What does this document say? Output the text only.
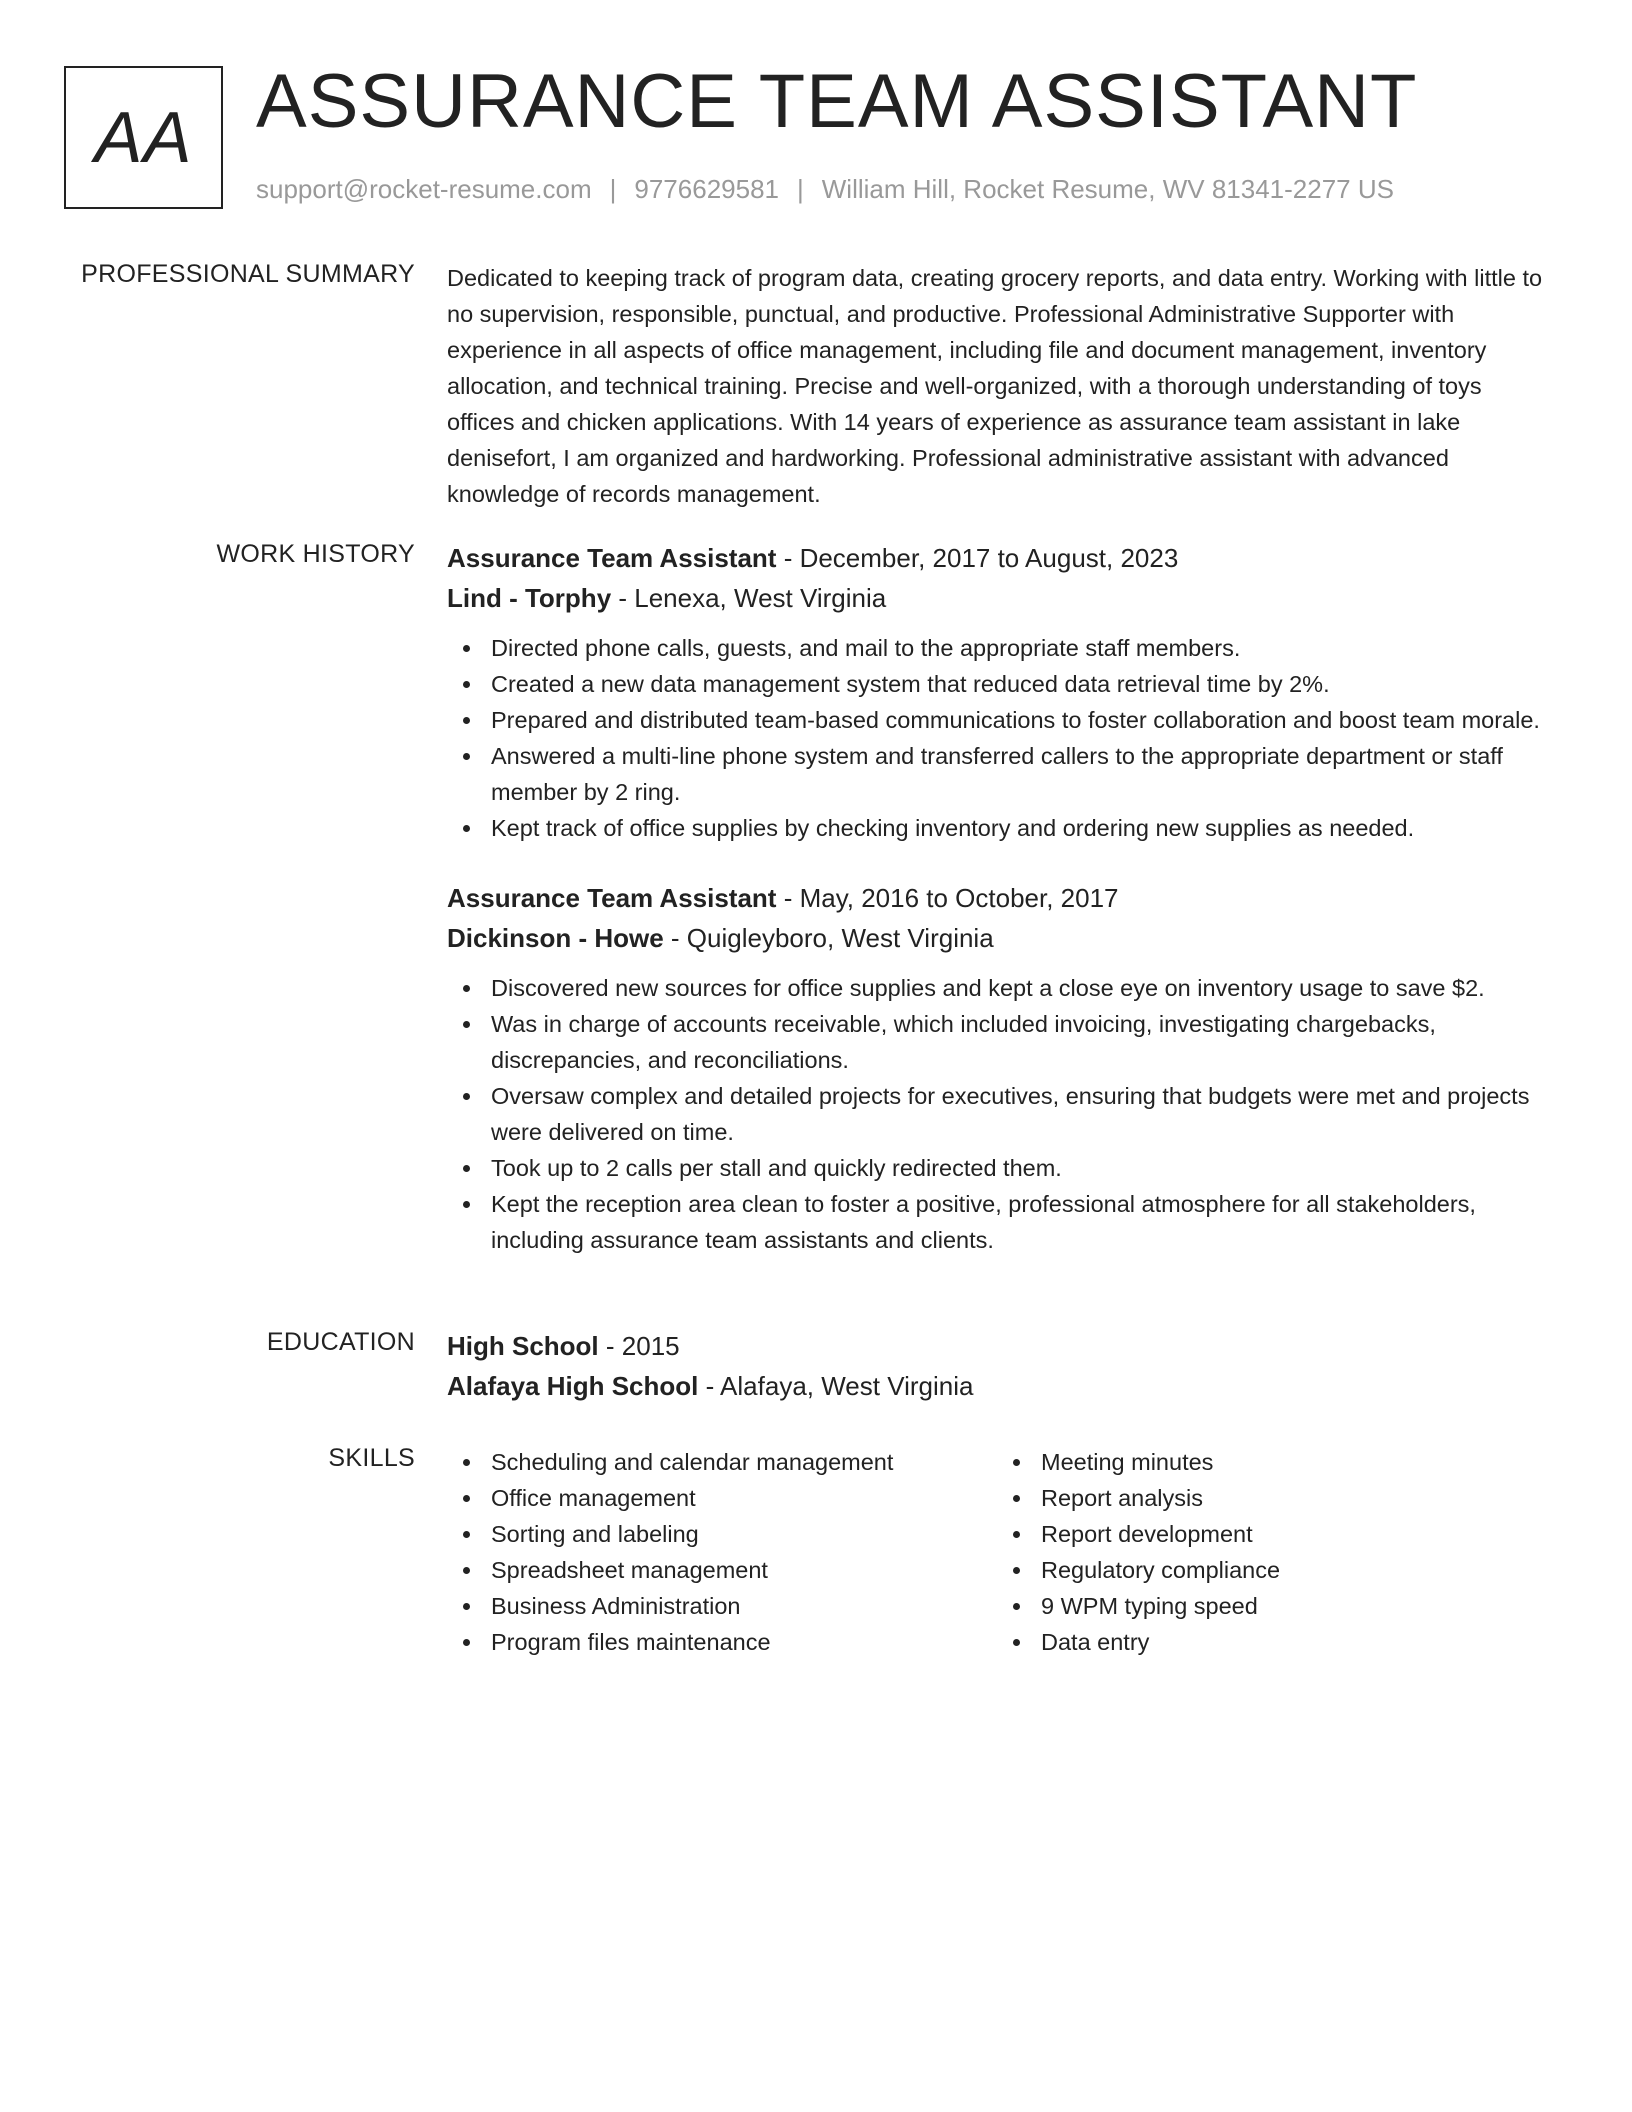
AA ASSURANCE TEAM ASSISTANT
support@rocket-resume.com | 9776629581 | William Hill, Rocket Resume, WV 81341-2277 US
PROFESSIONAL SUMMARY Dedicated to keeping track of program data, creating grocery reports, and data entry. Working with little to no supervision, responsible, punctual, and productive. Professional Administrative Supporter with experience in all aspects of office management, including file and document management, inventory allocation, and technical training. Precise and well-organized, with a thorough understanding of toys offices and chicken applications. With 14 years of experience as assurance team assistant in lake denisefort, I am organized and hardworking. Professional administrative assistant with advanced knowledge of records management.

WORK HISTORY Assurance Team Assistant - December, 2017 to August, 2023
Lind - Torphy - Lenexa, West Virginia
Directed phone calls, guests, and mail to the appropriate staff members.
Created a new data management system that reduced data retrieval time by 2%.
Prepared and distributed team-based communications to foster collaboration and boost team morale.
Answered a multi-line phone system and transferred callers to the appropriate department or staff member by 2 ring.
Kept track of office supplies by checking inventory and ordering new supplies as needed.
Assurance Team Assistant - May, 2016 to October, 2017
Dickinson - Howe - Quigleyboro, West Virginia
Discovered new sources for office supplies and kept a close eye on inventory usage to save $2.
Was in charge of accounts receivable, which included invoicing, investigating chargebacks, discrepancies, and reconciliations.
Oversaw complex and detailed projects for executives, ensuring that budgets were met and projects were delivered on time.
Took up to 2 calls per stall and quickly redirected them.
Kept the reception area clean to foster a positive, professional atmosphere for all stakeholders, including assurance team assistants and clients.
EDUCATION High School - 2015
Alafaya High School - Alafaya, West Virginia
SKILLS	Scheduling and calendar management
Office management
Sorting and labeling
Spreadsheet management
Business Administration
Program files maintenance
Meeting minutes
Report analysis
Report development
Regulatory compliance
9 WPM typing speed
Data entry
